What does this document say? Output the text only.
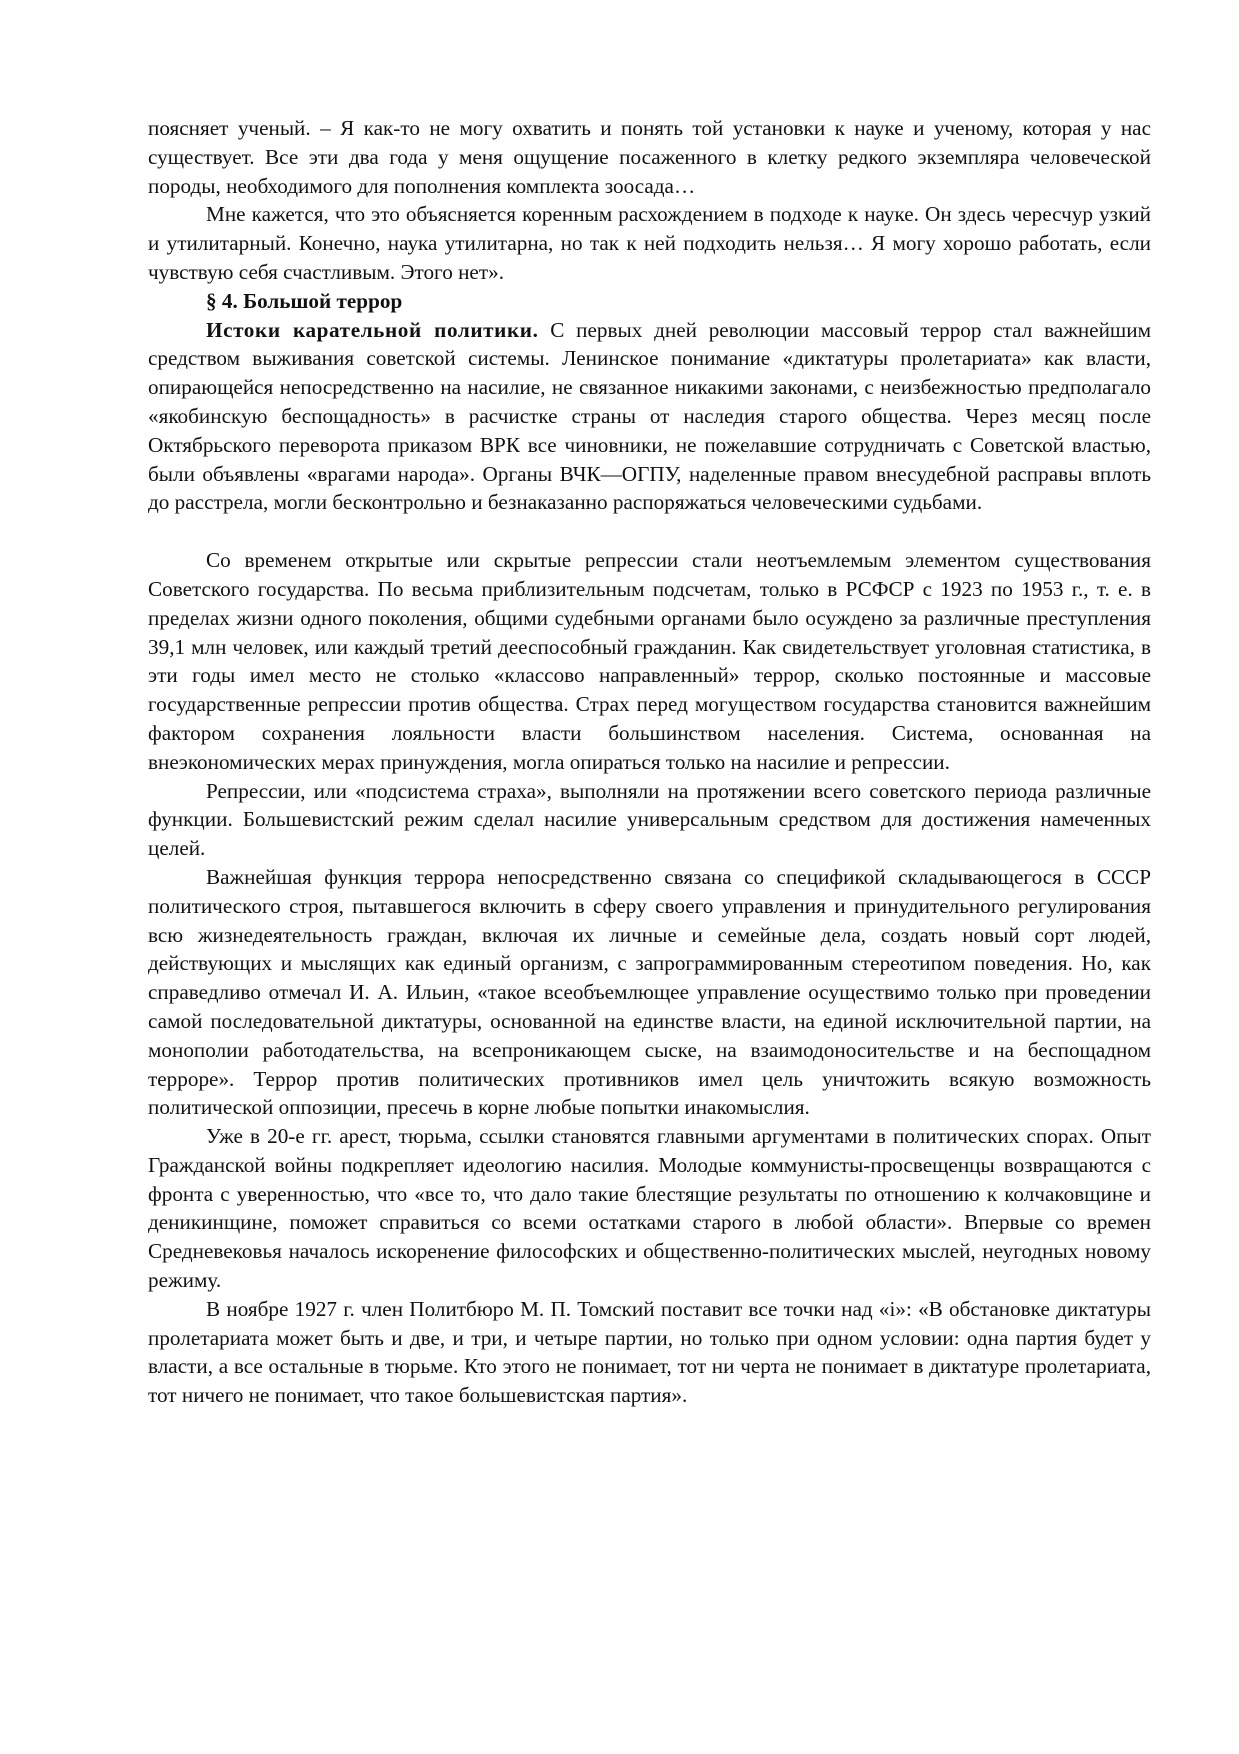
поясняет ученый. – Я как-то не могу охватить и понять той установки к науке и ученому, которая у нас существует. Все эти два года у меня ощущение посаженного в клетку редкого экземпляра человеческой породы, необходимого для пополнения комплекта зоосада…

Мне кажется, что это объясняется коренным расхождением в подходе к науке. Он здесь чересчур узкий и утилитарный. Конечно, наука утилитарна, но так к ней подходить нельзя… Я могу хорошо работать, если чувствую себя счастливым. Этого нет».

§ 4. Большой террор

Истоки карательной политики. С первых дней революции массовый террор стал важнейшим средством выживания советской системы. Ленинское понимание «диктатуры пролетариата» как власти, опирающейся непосредственно на насилие, не связанное никакими законами, с неизбежностью предполагало «якобинскую беспощадность» в расчистке страны от наследия старого общества. Через месяц после Октябрьского переворота приказом ВРК все чиновники, не пожелавшие сотрудничать с Советской властью, были объявлены «врагами народа». Органы ВЧК—ОГПУ, наделенные правом внесудебной расправы вплоть до расстрела, могли бесконтрольно и безнаказанно распоряжаться человеческими судьбами.

Со временем открытые или скрытые репрессии стали неотъемлемым элементом существования Советского государства. По весьма приблизительным подсчетам, только в РСФСР с 1923 по 1953 г., т. е. в пределах жизни одного поколения, общими судебными органами было осуждено за различные преступления 39,1 млн человек, или каждый третий дееспособный гражданин. Как свидетельствует уголовная статистика, в эти годы имел место не столько «классово направленный» террор, сколько постоянные и массовые государственные репрессии против общества. Страх перед могуществом государства становится важнейшим фактором сохранения лояльности власти большинством населения. Система, основанная на внеэкономических мерах принуждения, могла опираться только на насилие и репрессии.

Репрессии, или «подсистема страха», выполняли на протяжении всего советского периода различные функции. Большевистский режим сделал насилие универсальным средством для достижения намеченных целей.

Важнейшая функция террора непосредственно связана со спецификой складывающегося в СССР политического строя, пытавшегося включить в сферу своего управления и принудительного регулирования всю жизнедеятельность граждан, включая их личные и семейные дела, создать новый сорт людей, действующих и мыслящих как единый организм, с запрограммированным стереотипом поведения. Но, как справедливо отмечал И. А. Ильин, «такое всеобъемлющее управление осуществимо только при проведении самой последовательной диктатуры, основанной на единстве власти, на единой исключительной партии, на монополии работодательства, на всепроникающем сыске, на взаимодоносительстве и на беспощадном терроре». Террор против политических противников имел цель уничтожить всякую возможность политической оппозиции, пресечь в корне любые попытки инакомыслия.

Уже в 20-е гг. арест, тюрьма, ссылки становятся главными аргументами в политических спорах. Опыт Гражданской войны подкрепляет идеологию насилия. Молодые коммунисты-просвещенцы возвращаются с фронта с уверенностью, что «все то, что дало такие блестящие результаты по отношению к колчаковщине и деникинщине, поможет справиться со всеми остатками старого в любой области». Впервые со времен Средневековья началось искоренение философских и общественно-политических мыслей, неугодных новому режиму.

В ноябре 1927 г. член Политбюро М. П. Томский поставит все точки над «i»: «В обстановке диктатуры пролетариата может быть и две, и три, и четыре партии, но только при одном условии: одна партия будет у власти, а все остальные в тюрьме. Кто этого не понимает, тот ни черта не понимает в диктатуре пролетариата, тот ничего не понимает, что такое большевистская партия».
